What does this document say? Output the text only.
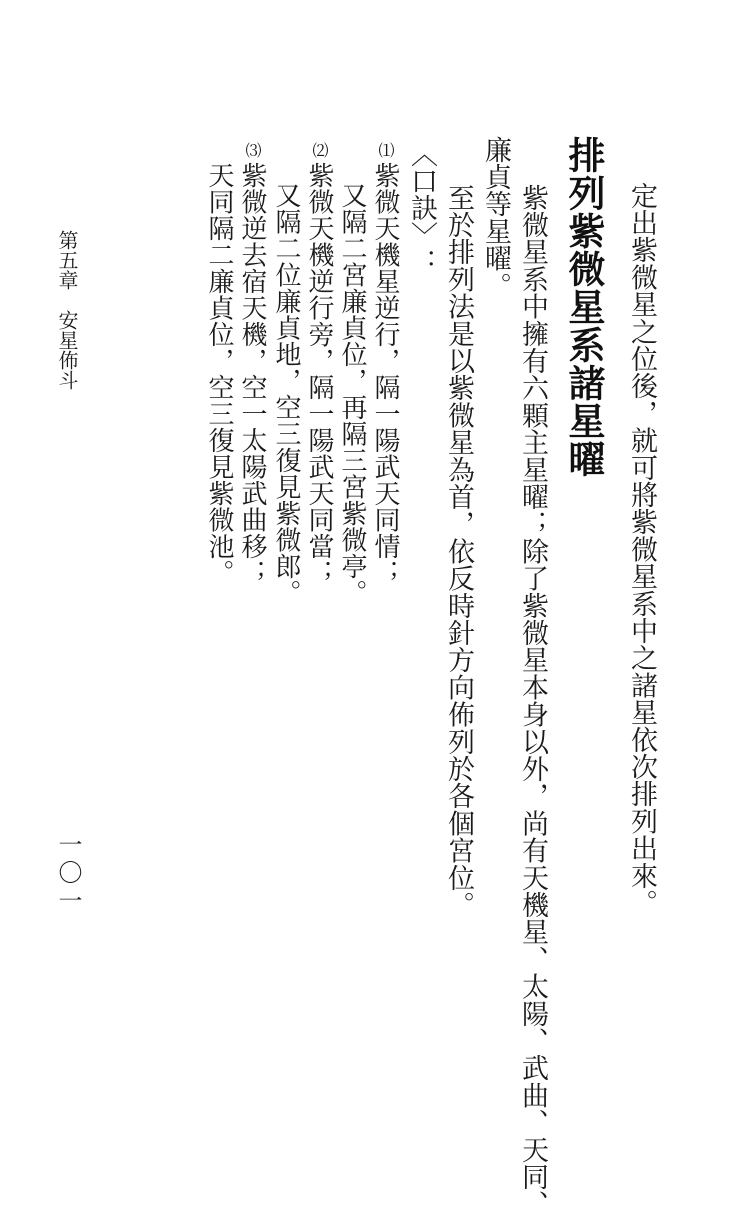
定出紫微星之位後，就可將紫微星系中之諸星依次排列出來。
排列紫微星系諸星曜
紫微星系中擁有六顆主星曜；除了紫微星本身以外，尚有天機星、太陽、武曲、天同、
廉貞等星曜。
至於排列法是以紫微星為首，依反時針方向佈列於各個宮位。
〈口訣〉：
⑴
紫微天機星逆行，隔一陽武天同情；
又隔二宮廉貞位，再隔三宮紫微亭。
⑵
紫微天機逆行旁，隔一陽武天同當；
又隔二位廉貞地，空三復見紫微郎。
⑶
紫微逆去宿天機，空一太陽武曲移；
天同隔二廉貞位，空三復見紫微池。
第五章　安星佈斗
一〇一
